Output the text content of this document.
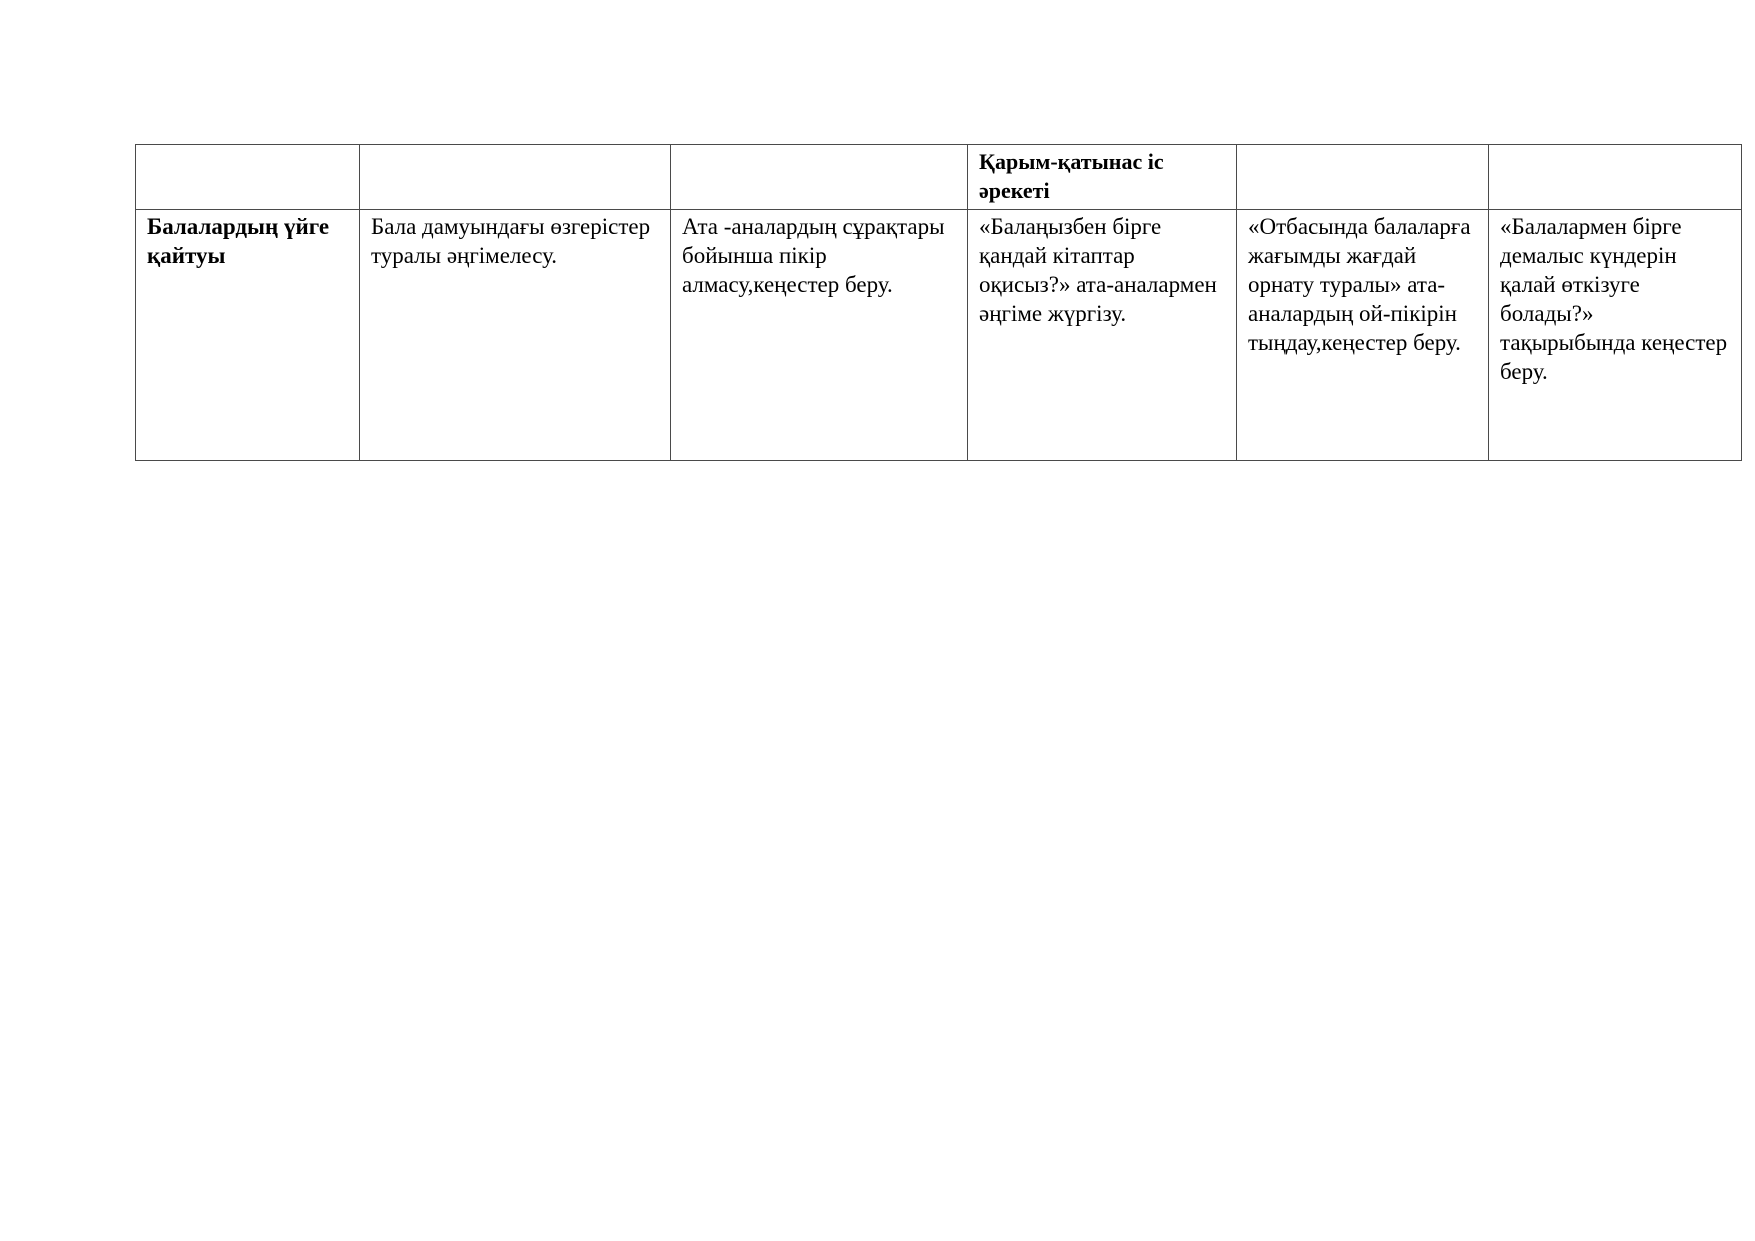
			Қарым-қатынас іс әрекеті		
Балалардың үйге қайтуы	Бала дамуындағы өзгерістер туралы әңгімелесу.	Ата -аналардың сұрақтары бойынша пікір алмасу,кеңестер беру.	«Балаңызбен бірге қандай кітаптар оқисыз?» ата-аналармен әңгіме жүргізу.	«Отбасында балаларға жағымды жағдай орнату туралы» ата-аналардың ой-пікірін тыңдау,кеңестер беру.	«Балалармен бірге демалыс күндерін қалай өткізуге болады?» тақырыбында кеңестер беру.
